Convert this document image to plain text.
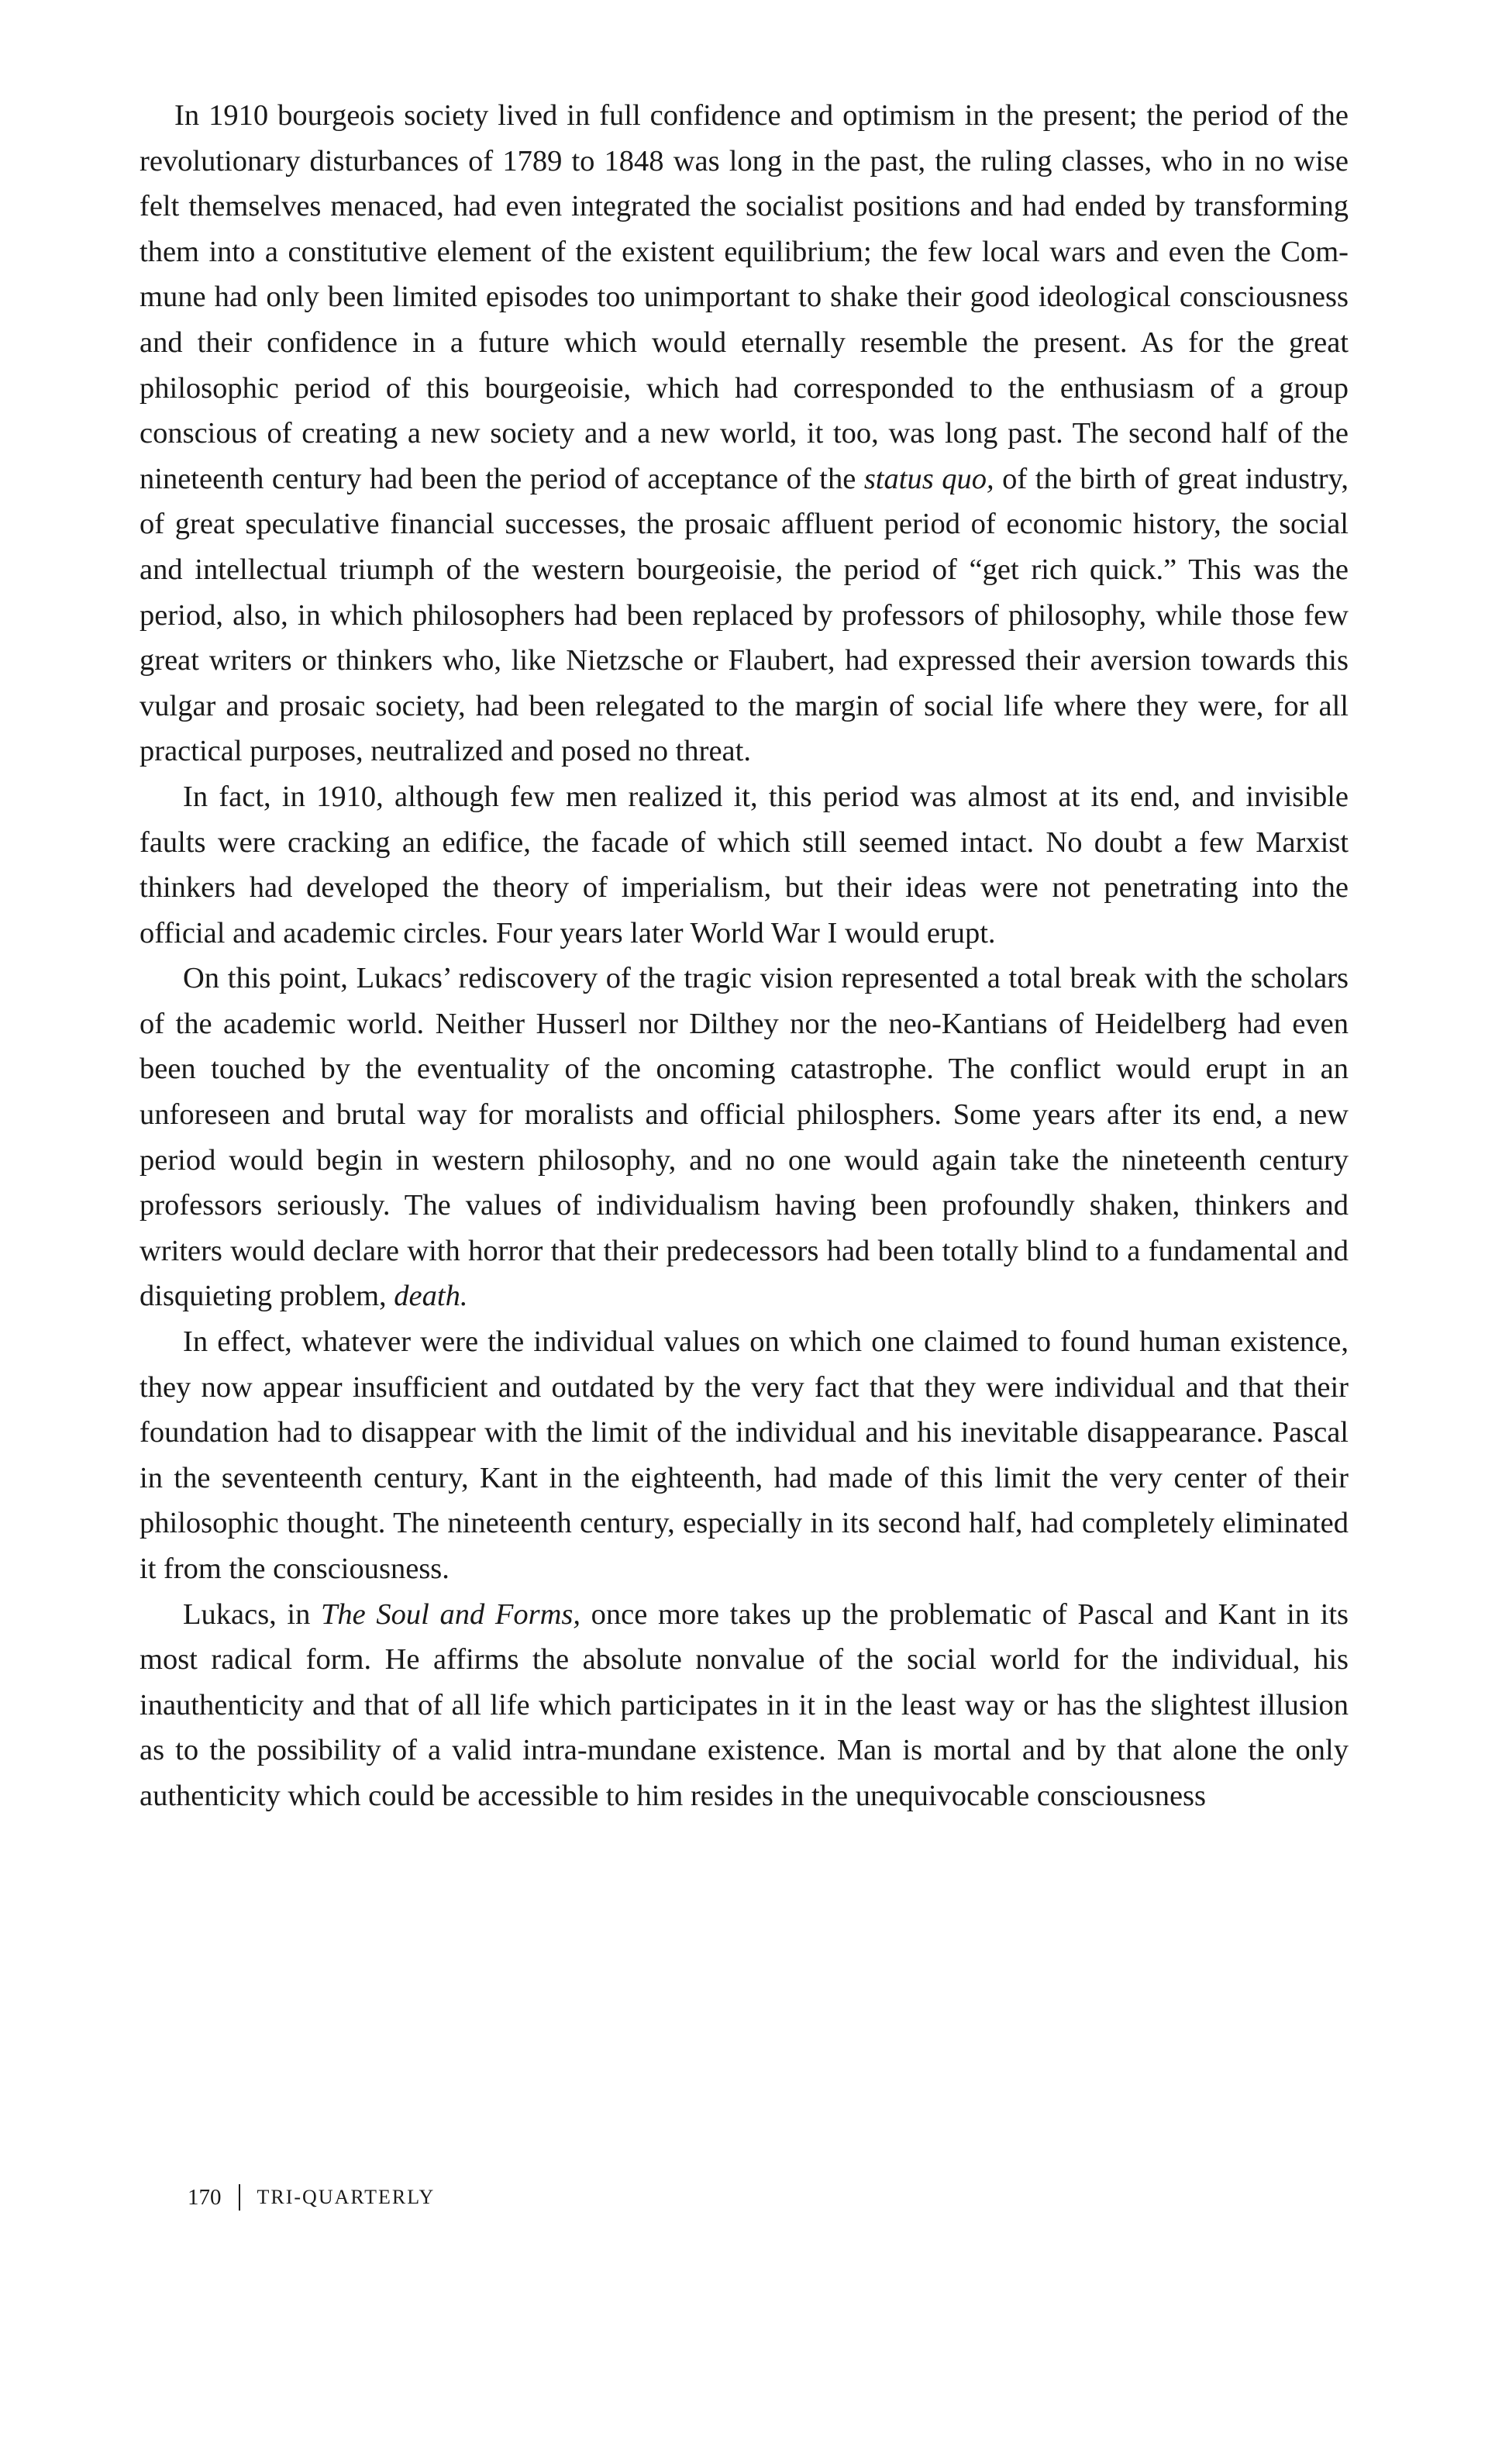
In 1910 bourgeois society lived in full confidence and optimism in the present; the period of the revolutionary disturbances of 1789 to 1848 was long in the past, the ruling classes, who in no wise felt themselves menaced, had even integrated the socialist positions and had ended by transforming them into a constitutive element of the existent equilibrium; the few local wars and even the Commune had only been limited episodes too unimportant to shake their good ideological consciousness and their confidence in a future which would eternally resemble the present. As for the great philosophic period of this bourgeoisie, which had corresponded to the enthusiasm of a group conscious of creating a new society and a new world, it too, was long past. The second half of the nineteenth century had been the period of acceptance of the status quo, of the birth of great industry, of great speculative financial successes, the prosaic affluent period of economic history, the social and intellectual triumph of the western bourgeoisie, the period of “get rich quick.” This was the period, also, in which philosophers had been replaced by professors of philosophy, while those few great writers or thinkers who, like Nietzsche or Flaubert, had expressed their aversion towards this vulgar and prosaic society, had been relegated to the margin of social life where they were, for all practical purposes, neutralized and posed no threat.

In fact, in 1910, although few men realized it, this period was almost at its end, and invisible faults were cracking an edifice, the facade of which still seemed intact. No doubt a few Marxist thinkers had developed the theory of imperialism, but their ideas were not penetrating into the official and academic circles. Four years later World War I would erupt.

On this point, Lukacs’ rediscovery of the tragic vision represented a total break with the scholars of the academic world. Neither Husserl nor Dilthey nor the neo-Kantians of Heidelberg had even been touched by the eventuality of the oncoming catastrophe. The conflict would erupt in an unforeseen and brutal way for moralists and official philosphers. Some years after its end, a new period would begin in western philosophy, and no one would again take the nineteenth century professors seriously. The values of individualism having been profoundly shaken, thinkers and writers would declare with horror that their predecessors had been totally blind to a fundamental and disquieting problem, death.

In effect, whatever were the individual values on which one claimed to found human existence, they now appear insufficient and outdated by the very fact that they were individual and that their foundation had to disappear with the limit of the individual and his inevitable disappearance. Pascal in the seventeenth century, Kant in the eighteenth, had made of this limit the very center of their philosophic thought. The nineteenth century, especially in its second half, had completely eliminated it from the consciousness.

Lukacs, in The Soul and Forms, once more takes up the problematic of Pascal and Kant in its most radical form. He affirms the absolute nonvalue of the social world for the individual, his inauthenticity and that of all life which participates in it in the least way or has the slightest illusion as to the possibility of a valid intra-mundane existence. Man is mortal and by that alone the only authenticity which could be accessible to him resides in the unequivocable consciousness

170 TRI-QUARTERLY
